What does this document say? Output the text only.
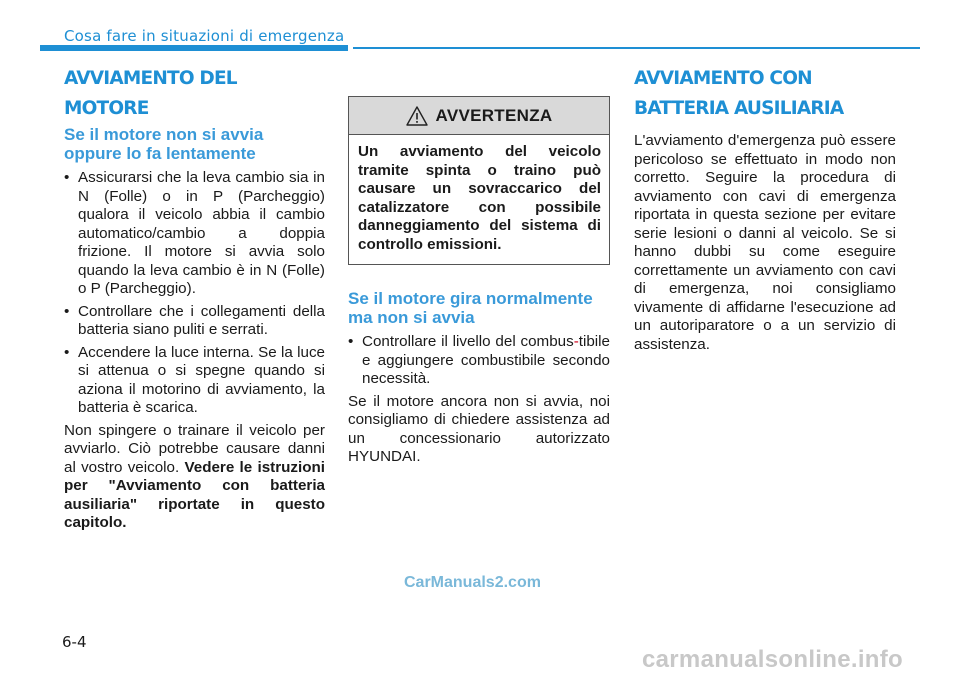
Cosa fare in situazioni di emergenza
AVVIAMENTO DEL MOTORE
Se il motore non si avvia oppure lo fa lentamente
• Assicurarsi che la leva cambio sia in N (Folle) o in P (Parcheggio) qualora il veicolo abbia il cambio automatico/cambio a doppia frizione. Il motore si avvia solo quando la leva cambio è in N (Folle) o P (Parcheggio).
• Controllare che i collegamenti della batteria siano puliti e serrati.
• Accendere la luce interna. Se la luce si attenua o si spegne quando si aziona il motorino di avviamento, la batteria è scarica.

Non spingere o trainare il veicolo per avviarlo. Ciò potrebbe causare danni al vostro veicolo. Vedere le istruzioni per "Avviamento con batteria ausiliaria" riportate in questo capitolo.

AVVERTENZA

Un avviamento del veicolo tramite spinta o traino può causare un sovraccarico del catalizzatore con possibile danneggiamento del sistema di controllo emissioni.

Se il motore gira normalmente ma non si avvia
• Controllare il livello del combus-tibile e aggiungere combustibile secondo necessità.

Se il motore ancora non si avvia, noi consigliamo di chiedere assistenza ad un concessionario autorizzato HYUNDAI.

AVVIAMENTO CON
BATTERIA AUSILIARIA

L'avviamento d'emergenza può essere pericoloso se effettuato in modo non corretto. Seguire la procedura di avviamento con cavi di emergenza riportata in questa sezione per evitare serie lesioni o danni al veicolo. Se si hanno dubbi su come eseguire correttamente un avviamento con cavi di emergenza, noi consigliamo vivamente di affidarne l'esecuzione ad un autoriparatore o a un servizio di assistenza.

CarManuals2.com
6-4
carmanualsonline.info
